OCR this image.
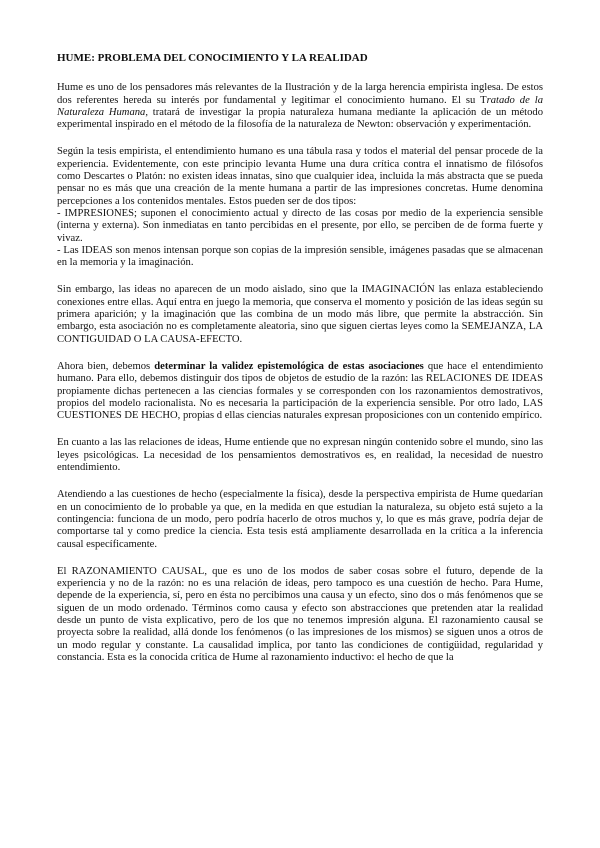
HUME: PROBLEMA DEL CONOCIMIENTO Y LA REALIDAD

Hume es uno de los pensadores más relevantes de la Ilustración y de la larga herencia empirista inglesa. De estos dos referentes hereda su interés por fundamental y legitimar el conocimiento humano. El su Tratado de la Naturaleza Humana, tratará de investigar la propia naturaleza humana mediante la aplicación de un método experimental inspirado en el método de la filosofía de la naturaleza de Newton: observación y experimentación.

Según la tesis empirista, el entendimiento humano es una tábula rasa y todos el material del pensar procede de la experiencia. Evidentemente, con este principio levanta Hume una dura crítica contra el innatismo de filósofos como Descartes o Platón: no existen ideas innatas, sino que cualquier idea, incluida la más abstracta que se pueda pensar no es más que una creación de la mente humana a partir de las impresiones concretas. Hume denomina percepciones a los contenidos mentales. Estos pueden ser de dos tipos:
- IMPRESIONES; suponen el conocimiento actual y directo de las cosas por medio de la experiencia sensible (interna y externa). Son inmediatas en tanto percibidas en el presente, por ello, se perciben de de forma fuerte y vivaz.
- Las IDEAS son menos intensan porque son copias de la impresión sensible, imágenes pasadas que se almacenan en la memoria y la imaginación.

Sin embargo, las ideas no aparecen de un modo aislado, sino que la IMAGINACIÓN las enlaza estableciendo conexiones entre ellas. Aquí entra en juego la memoria, que conserva el momento y posición de las ideas según su primera aparición; y la imaginación que las combina de un modo más libre, que permite la abstracción. Sin embargo, esta asociación no es completamente aleatoria, sino que siguen ciertas leyes como la SEMEJANZA, LA CONTIGUIDAD O LA CAUSA-EFECTO.

Ahora bien, debemos determinar la validez epistemológica de estas asociaciones que hace el entendimiento humano. Para ello, debemos distinguir dos tipos de objetos de estudio de la razón: las RELACIONES DE IDEAS propiamente dichas pertenecen a las ciencias formales y se corresponden con los razonamientos demostrativos, propios del modelo racionalista. No es necesaria la participación de la experiencia sensible. Por otro lado, LAS CUESTIONES DE HECHO, propias d ellas ciencias naturales expresan proposiciones con un contenido empírico.

En cuanto a las las relaciones de ideas, Hume entiende que no expresan ningún contenido sobre el mundo, sino las leyes psicológicas. La necesidad de los pensamientos demostrativos es, en realidad, la necesidad de nuestro entendimiento.

Atendiendo a las cuestiones de hecho (especialmente la física), desde la perspectiva empirista de Hume quedarían en un conocimiento de lo probable ya que, en la medida en que estudian la naturaleza, su objeto está sujeto a la contingencia: funciona de un modo, pero podría hacerlo de otros muchos y, lo que es más grave, podría dejar de comportarse tal y como predice la ciencia. Esta tesis está ampliamente desarrollada en la crítica a la inferencia causal específicamente.

El RAZONAMIENTO CAUSAL, que es uno de los modos de saber cosas sobre el futuro, depende de la experiencia y no de la razón: no es una relación de ideas, pero tampoco es una cuestión de hecho. Para Hume, depende de la experiencia, sí, pero en ésta no percibimos una causa y un efecto, sino dos o más fenómenos que se siguen de un modo ordenado. Términos como causa y efecto son abstracciones que pretenden atar la realidad desde un punto de vista explicativo, pero de los que no tenemos impresión alguna. El razonamiento causal se proyecta sobre la realidad, allá donde los fenómenos (o las impresiones de los mismos) se siguen unos a otros de un modo regular y constante. La causalidad implica, por tanto las condiciones de contigüidad, regularidad y constancia. Esta es la conocida crítica de Hume al razonamiento inductivo: el hecho de que la
